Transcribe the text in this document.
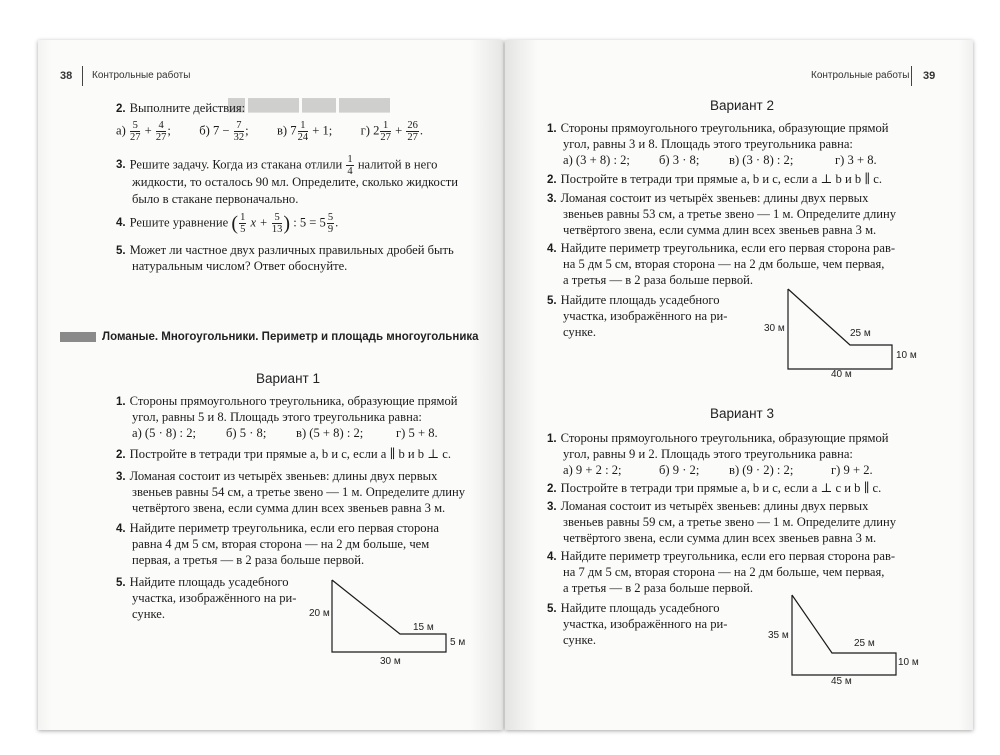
38 Контрольные работы
██ ██████ ████ ██████
2. Выполните действия:
$а) \frac{5}{27} + \frac{4}{27}$ ; б) $7 - \frac{7}{32}$ ; в) $7 \frac{1}{24} + 1$; г) $2 \frac{1}{27} + \frac{26}{27}$ .
3. Решите задачу. Когда из стакана отлили $\frac{1}{4}$ налитой в него
жидкости, то осталось 90 мл. Определите, сколько жидкости
было в стакане первоначально.
4. Решите уравнение ( $\frac{1}{5}$ $x + \frac{5}{13}$ ) : $5 = 5 \frac{5}{9}$ .
5. Может ли частное двух различных правильных дробей быть
натуральным числом? Ответ обоснуйте.
Ломаные. Многоугольники. Периметр и площадь многоугольника
Вариант 1
1. Стороны прямоугольного треугольника, образующие прямой
угол, равны 5 и 8. Площадь этого треугольника равна:
а) (5 · 8) : 2; б) 5 · 8; в) (5 + 8) : 2;	г) 5 + 8.
2. Постройте в тетради три прямые a, b и c, если a ∥ b и b ⊥ c.
3. Ломаная состоит из четырёх звеньев: длины двух первых
звеньев равны 54 см, а третье звено — 1 м. Определите длину
четвёртого звена, если сумма длин всех звеньев равна 3 м.
4. Найдите периметр треугольника, если его первая сторона
равна 4 дм 5 см, вторая сторона — на 2 дм больше, чем
первая, а третья — в 2 раза больше первой.
5. Найдите площадь усадебного
участка, изображённого на ри-
сунке.	20 м
15 м
5 м
30 м
Контрольные работы 39
Вариант 2
1. Стороны прямоугольного треугольника, образующие прямой
угол, равны 3 и 8. Площадь этого треугольника равна:
а) (3 + 8) : 2; б) 3 · 8; в) (3 · 8) : 2;	г) 3 + 8.
2. Постройте в тетради три прямые a, b и c, если a ⊥ b и b ∥ c.
3. Ломаная состоит из четырёх звеньев: длины двух первых
звеньев равны 53 см, а третье звено — 1 м. Определите длину
четвёртого звена, если сумма длин всех звеньев равна 3 м.
4. Найдите периметр треугольника, если его первая сторона рав-
на 5 дм 5 см, вторая сторона — на 2 дм больше, чем первая,
а третья — в 2 раза больше первой.
5. Найдите площадь усадебного
участка, изображённого на ри-
сунке.	30 м	25 м
10 м
40 м
Вариант 3
1. Стороны прямоугольного треугольника, образующие прямой
угол, равны 9 и 2. Площадь этого треугольника равна:
а) 9 + 2 : 2;	б) 9 · 2; в) (9 · 2) : 2;	г) 9 + 2.
2. Постройте в тетради три прямые a, b и c, если a ⊥ c и b ∥ c.
3. Ломаная состоит из четырёх звеньев: длины двух первых
звеньев равны 59 см, а третье звено — 1 м. Определите длину
четвёртого звена, если сумма длин всех звеньев равна 3 м.
4. Найдите периметр треугольника, если его первая сторона рав-
на 7 дм 5 см, вторая сторона — на 2 дм больше, чем первая,
а третья — в 2 раза больше первой.
5. Найдите площадь усадебного
участка, изображённого на ри-
сунке.	35 м
25 м
10 м
45 м
